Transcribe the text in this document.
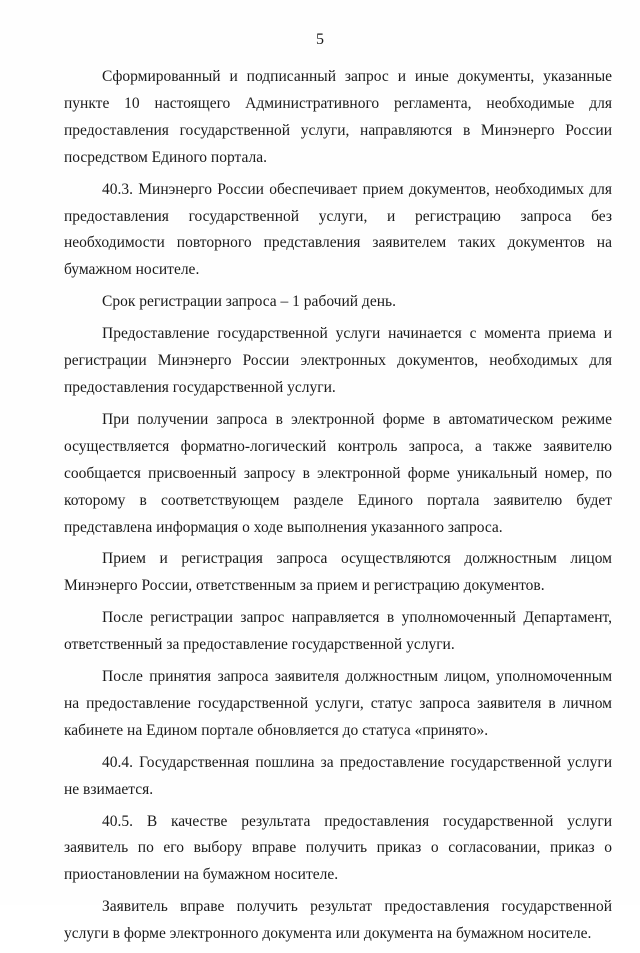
5

Сформированный и подписанный запрос и иные документы, указанные пункте 10 настоящего Административного регламента, необходимые для предоставления государственной услуги, направляются в Минэнерго России посредством Единого портала.

40.3. Минэнерго России обеспечивает прием документов, необходимых для предоставления государственной услуги, и регистрацию запроса без необходимости повторного представления заявителем таких документов на бумажном носителе.

Срок регистрации запроса – 1 рабочий день.

Предоставление государственной услуги начинается с момента приема и регистрации Минэнерго России электронных документов, необходимых для предоставления государственной услуги.

При получении запроса в электронной форме в автоматическом режиме осуществляется форматно-логический контроль запроса, а также заявителю сообщается присвоенный запросу в электронной форме уникальный номер, по которому в соответствующем разделе Единого портала заявителю будет представлена информация о ходе выполнения указанного запроса.

Прием и регистрация запроса осуществляются должностным лицом Минэнерго России, ответственным за прием и регистрацию документов.

После регистрации запрос направляется в уполномоченный Департамент, ответственный за предоставление государственной услуги.

После принятия запроса заявителя должностным лицом, уполномоченным на предоставление государственной услуги, статус запроса заявителя в личном кабинете на Едином портале обновляется до статуса «принято».

40.4. Государственная пошлина за предоставление государственной услуги не взимается.

40.5. В качестве результата предоставления государственной услуги заявитель по его выбору вправе получить приказ о согласовании, приказ о приостановлении на бумажном носителе.

Заявитель вправе получить результат предоставления государственной услуги в форме электронного документа или документа на бумажном носителе.
